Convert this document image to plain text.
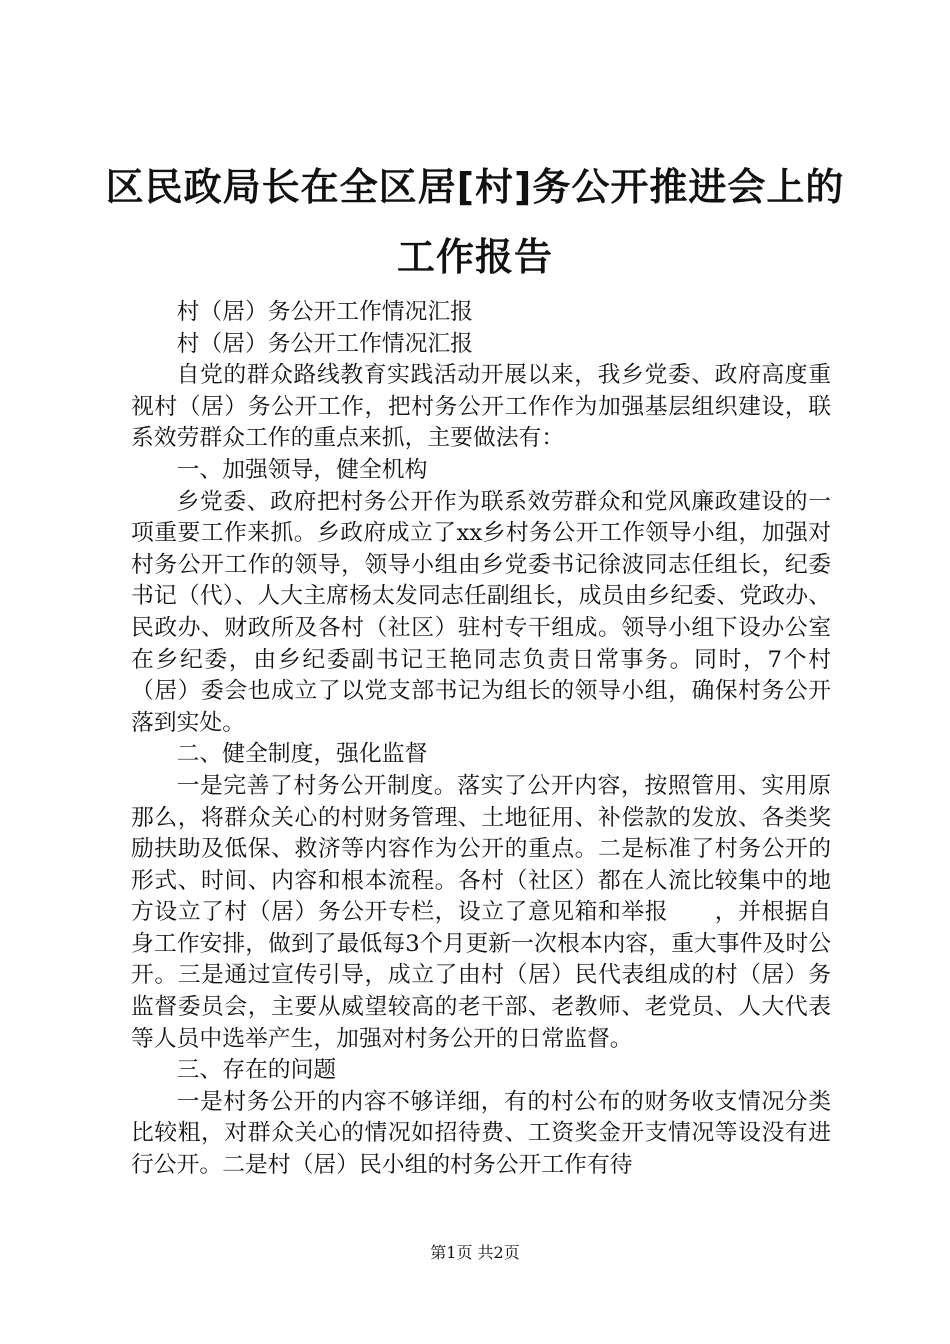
区民政局长在全区居[村]务公开推进会上的工作报告

村（居）务公开工作情况汇报

村（居）务公开工作情况汇报

自党的群众路线教育实践活动开展以来，我乡党委、政府高度重视村（居）务公开工作，把村务公开工作作为加强基层组织建设，联系效劳群众工作的重点来抓，主要做法有：

一、加强领导，健全机构

乡党委、政府把村务公开作为联系效劳群众和党风廉政建设的一项重要工作来抓。乡政府成立了xx乡村务公开工作领导小组，加强对村务公开工作的领导，领导小组由乡党委书记徐波同志任组长，纪委书记（代）、人大主席杨太发同志任副组长，成员由乡纪委、党政办、民政办、财政所及各村（社区）驻村专干组成。领导小组下设办公室在乡纪委，由乡纪委副书记王艳同志负责日常事务。同时，7个村（居）委会也成立了以党支部书记为组长的领导小组，确保村务公开落到实处。

二、健全制度，强化监督

一是完善了村务公开制度。落实了公开内容，按照管用、实用原那么，将群众关心的村财务管理、土地征用、补偿款的发放、各类奖励扶助及低保、救济等内容作为公开的重点。二是标准了村务公开的形式、时间、内容和根本流程。各村（社区）都在人流比较集中的地方设立了村（居）务公开专栏，设立了意见箱和举报　　，并根据自身工作安排，做到了最低每3个月更新一次根本内容，重大事件及时公开。三是通过宣传引导，成立了由村（居）民代表组成的村（居）务监督委员会，主要从威望较高的老干部、老教师、老党员、人大代表等人员中选举产生，加强对村务公开的日常监督。

三、存在的问题

一是村务公开的内容不够详细，有的村公布的财务收支情况分类比较粗，对群众关心的情况如招待费、工资奖金开支情况等设没有进行公开。二是村（居）民小组的村务公开工作有待

第1页 共2页
